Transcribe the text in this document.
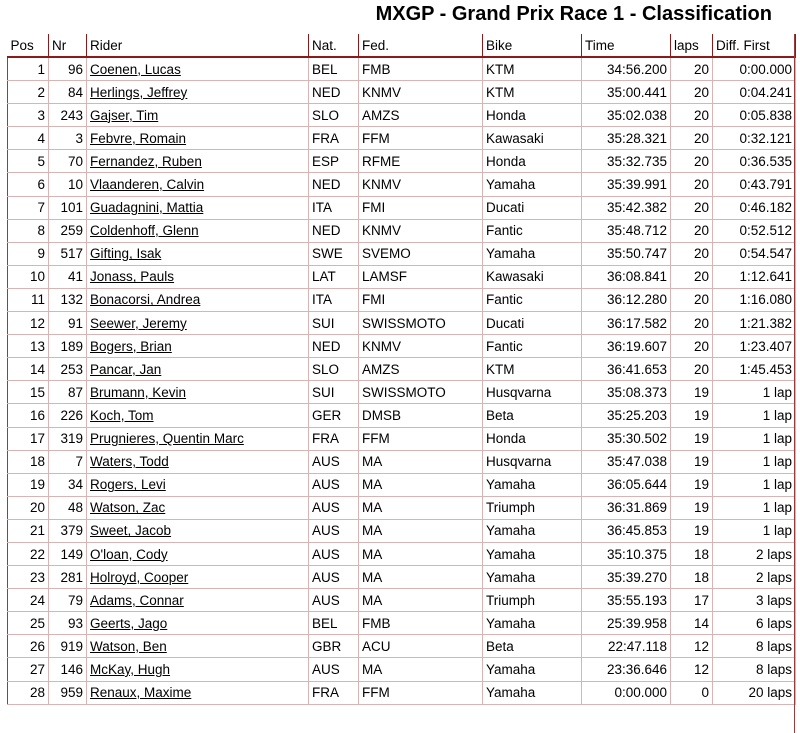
MXGP - Grand Prix Race 1 - Classification
Pos	Nr	Rider	Nat.	Fed.	Bike	Time	laps	Diff. First
1	96	Coenen, Lucas	BEL	FMB	KTM	34:56.200	20	0:00.000
2	84	Herlings, Jeffrey	NED	KNMV	KTM	35:00.441	20	0:04.241
3	243	Gajser, Tim	SLO	AMZS	Honda	35:02.038	20	0:05.838
4	3	Febvre, Romain	FRA	FFM	Kawasaki	35:28.321	20	0:32.121
5	70	Fernandez, Ruben	ESP	RFME	Honda	35:32.735	20	0:36.535
6	10	Vlaanderen, Calvin	NED	KNMV	Yamaha	35:39.991	20	0:43.791
7	101	Guadagnini, Mattia	ITA	FMI	Ducati	35:42.382	20	0:46.182
8	259	Coldenhoff, Glenn	NED	KNMV	Fantic	35:48.712	20	0:52.512
9	517	Gifting, Isak	SWE	SVEMO	Yamaha	35:50.747	20	0:54.547
10	41	Jonass, Pauls	LAT	LAMSF	Kawasaki	36:08.841	20	1:12.641
11	132	Bonacorsi, Andrea	ITA	FMI	Fantic	36:12.280	20	1:16.080
12	91	Seewer, Jeremy	SUI	SWISSMOTO	Ducati	36:17.582	20	1:21.382
13	189	Bogers, Brian	NED	KNMV	Fantic	36:19.607	20	1:23.407
14	253	Pancar, Jan	SLO	AMZS	KTM	36:41.653	20	1:45.453
15	87	Brumann, Kevin	SUI	SWISSMOTO	Husqvarna	35:08.373	19	1 lap
16	226	Koch, Tom	GER	DMSB	Beta	35:25.203	19	1 lap
17	319	Prugnieres, Quentin Marc	FRA	FFM	Honda	35:30.502	19	1 lap
18	7	Waters, Todd	AUS	MA	Husqvarna	35:47.038	19	1 lap
19	34	Rogers, Levi	AUS	MA	Yamaha	36:05.644	19	1 lap
20	48	Watson, Zac	AUS	MA	Triumph	36:31.869	19	1 lap
21	379	Sweet, Jacob	AUS	MA	Yamaha	36:45.853	19	1 lap
22	149	O'loan, Cody	AUS	MA	Yamaha	35:10.375	18	2 laps
23	281	Holroyd, Cooper	AUS	MA	Yamaha	35:39.270	18	2 laps
24	79	Adams, Connar	AUS	MA	Triumph	35:55.193	17	3 laps
25	93	Geerts, Jago	BEL	FMB	Yamaha	25:39.958	14	6 laps
26	919	Watson, Ben	GBR	ACU	Beta	22:47.118	12	8 laps
27	146	McKay, Hugh	AUS	MA	Yamaha	23:36.646	12	8 laps
28	959	Renaux, Maxime	FRA	FFM	Yamaha	0:00.000	0	20 laps
